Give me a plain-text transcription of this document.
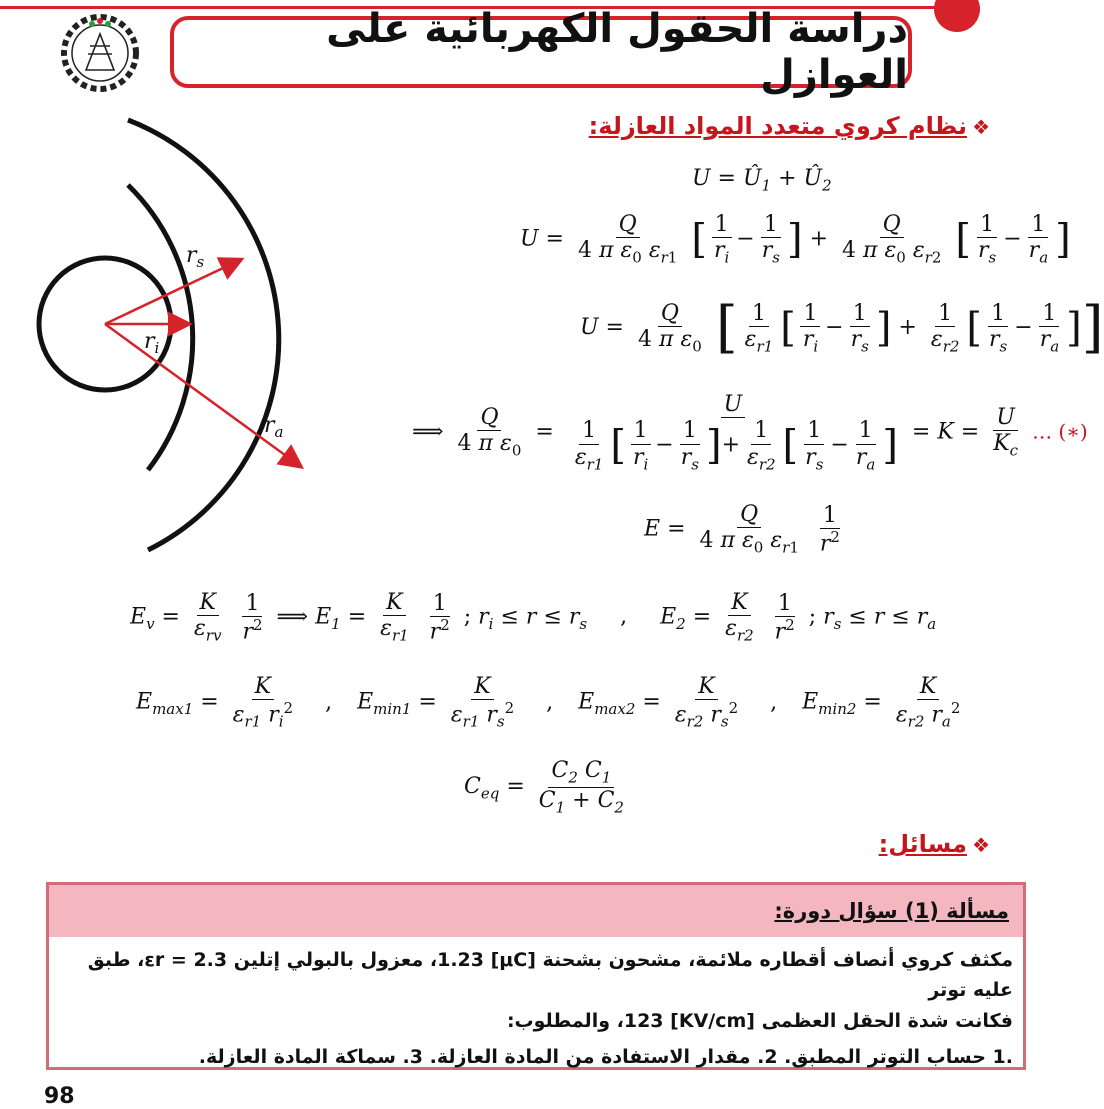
دراسة الحقول الكهربائية على العوازل
❖ نظام كروي متعدد المواد العازلة:
$r_i$
$r_s$
$r_a$
$U = Û_1$ + $Û_2$
$U = \frac{Q}{4 \pi \varepsilon_0 \varepsilon_{r1}}$ [ $\frac{1}{r_i} - \frac{1}{r_s}$ ] + $\frac{Q}{4 \pi \varepsilon_0 \varepsilon_{r2}}$ [ $\frac{1}{r_s} - \frac{1}{r_a}$ ]
$U = \frac{Q}{4 \pi \varepsilon_0}$ [ $\frac{1}{\varepsilon_{r1}}$ [ $\frac{1}{r_i} - \frac{1}{r_s}$ ] + $\frac{1}{\varepsilon_{r2}}$ [ $\frac{1}{r_s} - \frac{1}{r_a}$ ]]
⟹ $\frac{Q}{4 \pi \varepsilon_0} = \frac{U}{\frac{1}{\varepsilon_{r1}} [ \frac{1}{r_i} - \frac{1}{r_s} ]+ \frac{1}{\varepsilon_{r2}} [ \frac{1}{r_s} - \frac{1}{r_a} ]} = K = \frac{U}{K_c}$ … (∗)
$E = \frac{Q}{4 \pi \varepsilon_0 \varepsilon_{r1}}$
$\frac{1}{r^2}$
$E_v = \frac{K}{\varepsilon_{rv}}$
$\frac{1}{r^2}$ ⟹ $E_1 = \frac{K}{\varepsilon_{r1}}$
$\frac{1}{r^2}$ ; $r_i \le r \le r_s$ , $E_2 = \frac{K}{\varepsilon_{r2}}$
$\frac{1}{r^2}$ ; $r_s \le r \le r_a$
$E_{max1} = \frac{K}{\varepsilon_{r1} r_i^2}$ , $E_{min1} = \frac{K}{\varepsilon_{r1} r_s^2}$ , $E_{max2} = \frac{K}{\varepsilon_{r2} r_s^2}$ , $E_{min2} = \frac{K}{\varepsilon_{r2} r_a^2}$
$C_{eq} = \frac{C_2 C_1}{C_1 + C_2}$
❖ مسائل:
مسألة (1) سؤال دورة:
مكثف كروي أنصاف أقطاره ملائمة، مشحون بشحنة [μC] 1.23، معزول بالبولي إتلين εr = 2.3، طبق عليه توتر
فكانت شدة الحقل العظمى [KV/cm] 123، والمطلوب:
.1 حساب التوتر المطبق. 2. مقدار الاستفادة من المادة العازلة. 3. سماكة المادة العازلة.
98
